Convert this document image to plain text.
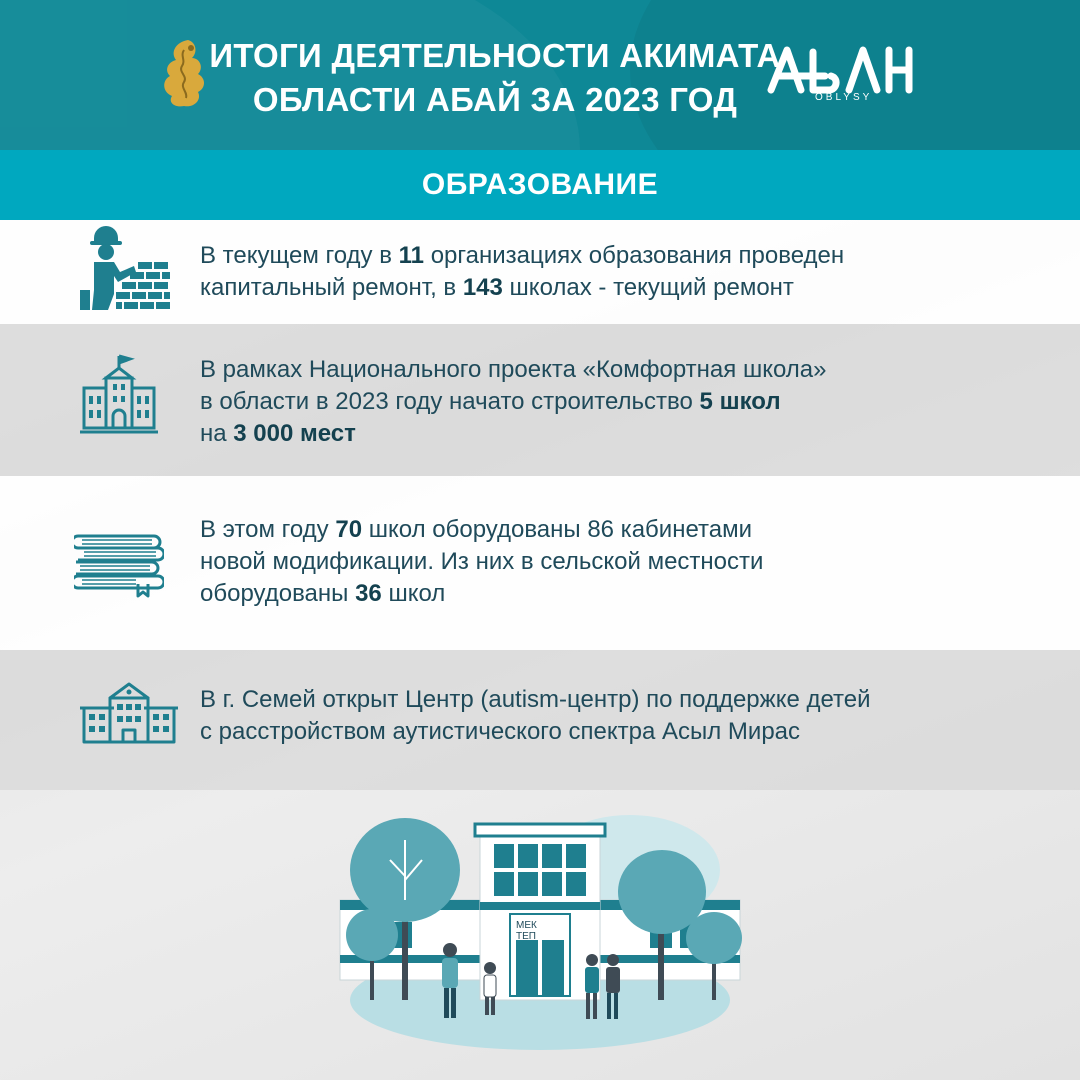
ИТОГИ ДЕЯТЕЛЬНОСТИ АКИМАТА
ОБЛАСТИ АБАЙ ЗА 2023 ГОД	OBLYSY
ОБРАЗОВАНИЕ
В текущем году в 11 организациях образования проведен
капитальный ремонт, в 143 школах - текущий ремонт
В рамках Национального проекта «Комфортная школа»
в области в 2023 году начато строительство 5 школ
на 3 000 мест
В этом году 70 школ оборудованы 86 кабинетами
новой модификации. Из них в сельской местности
оборудованы 36 школ
В г. Семей открыт Центр (autism-центр) по поддержке детей
с расстройством аутистического спектра Асыл Мирас
МЕК
ТЕП
